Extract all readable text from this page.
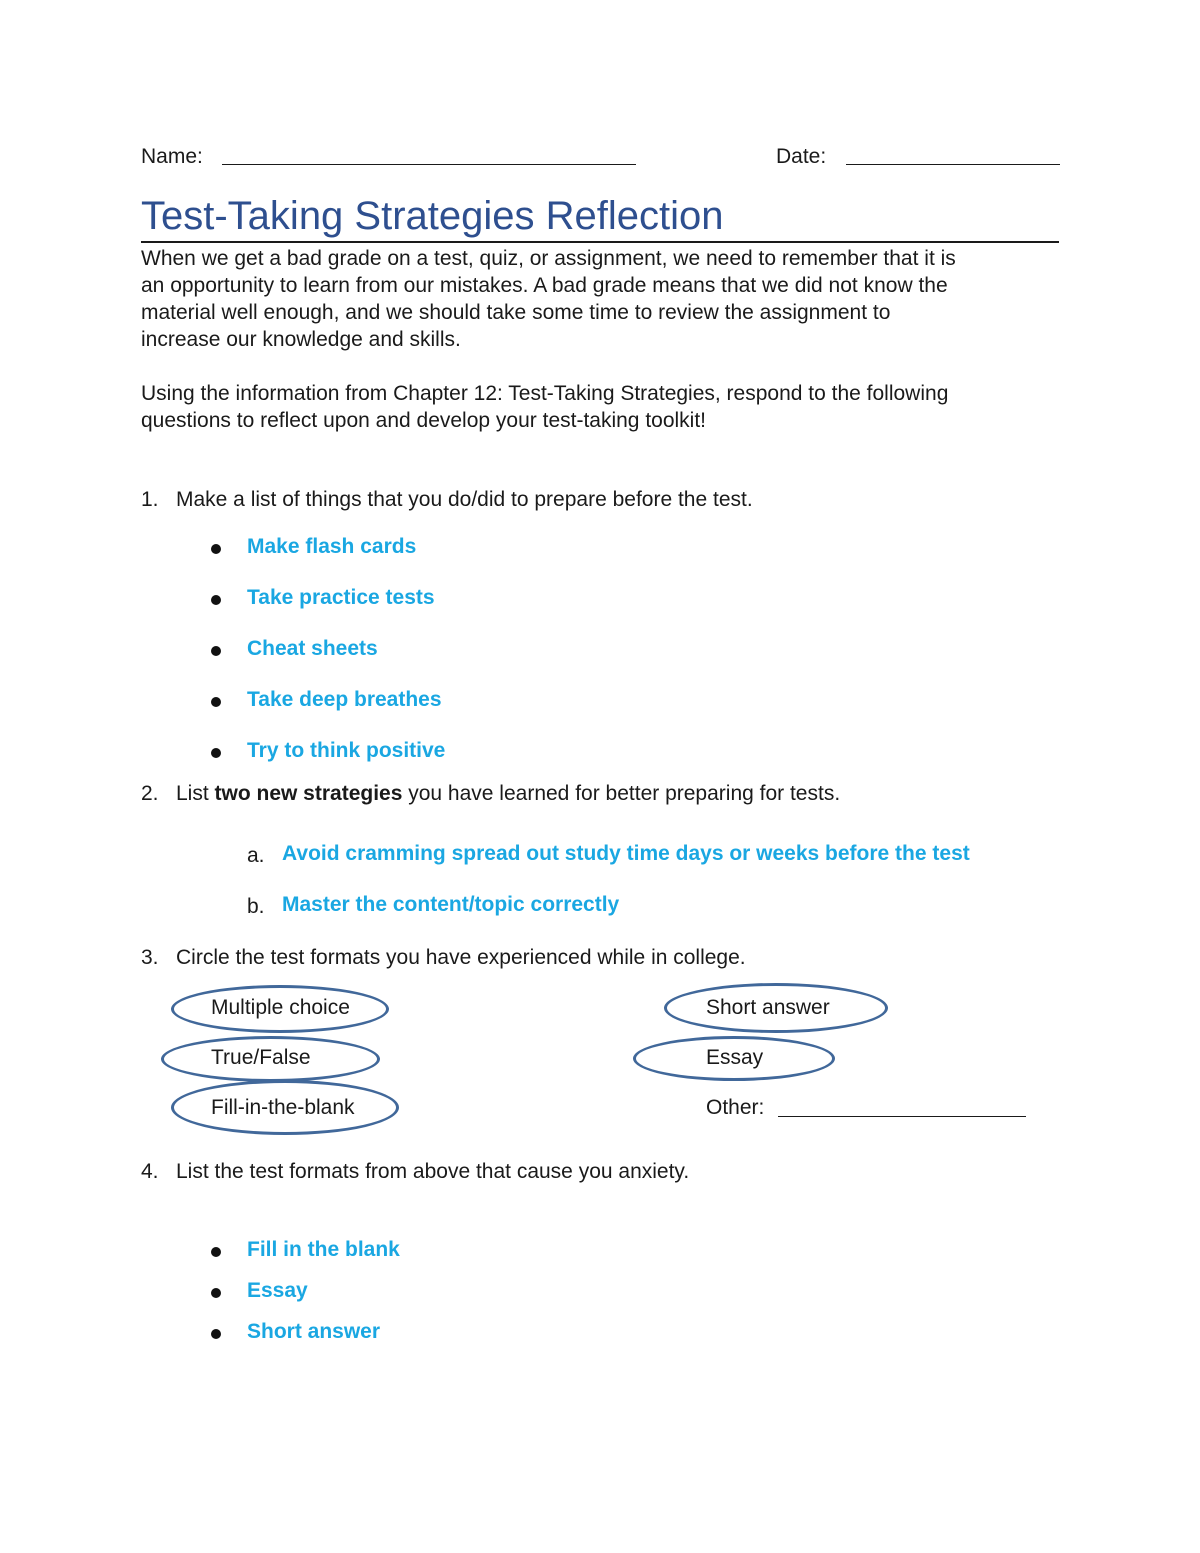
Name:	Date:
Test-Taking Strategies Reflection
When we get a bad grade on a test, quiz, or assignment, we need to remember that it is
an opportunity to learn from our mistakes. A bad grade means that we did not know the
material well enough, and we should take some time to review the assignment to
increase our knowledge and skills.
Using the information from Chapter 12: Test-Taking Strategies, respond to the following
questions to reflect upon and develop your test-taking toolkit!
1. Make a list of things that you do/did to prepare before the test.
Make flash cards
Take practice tests
Cheat sheets
Take deep breathes
Try to think positive
2. List two new strategies you have learned for better preparing for tests.
a. Avoid cramming spread out study time days or weeks before the test
b. Master the content/topic correctly
3. Circle the test formats you have experienced while in college.
Multiple choice
True/False
Fill-in-the-blank
Short answer
Essay
Other:
4. List the test formats from above that cause you anxiety.
Fill in the blank
Essay
Short answer
